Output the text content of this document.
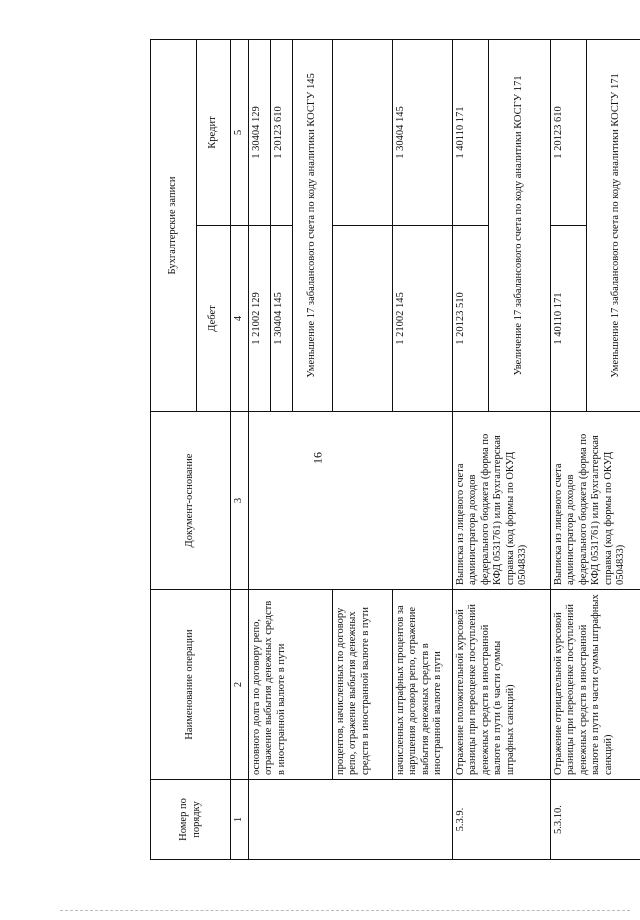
16
Номер по порядку	Наименование операции	Документ-основание	Бухгалтерские записи	
			Дебет	Кредит
1	2	3	4	5
	основного долга по договору репо, отражение выбытия денежных средств в иностранной валюте в пути		1 21002 129	1 30404 129
			1 30404 145	1 20123 610
			Уменьшение 17 забалансового счета по коду аналитики КОСГУ 145	
	процентов, начисленных по договору репо, отражение выбытия денежных средств в иностранной валюте в пути			
	начисленных штрафных процентов за нарушения договора репо, отражение выбытия денежных средств в иностранной валюте в пути		1 21002 145	1 30404 145
5.3.9.	Отражение положительной курсовой разницы при переоценке поступлений денежных средств в иностранной валюте в пути (в части суммы штрафных санкций)	Выписка из лицевого счета администратора доходов федерального бюджета (форма по КФД 0531761) или Бухгалтерская справка (код формы по ОКУД 0504833)	1 20123 510	1 40110 171
			Увеличение 17 забалансового счета по коду аналитики КОСГУ 171	
5.3.10.	Отражение отрицательной курсовой разницы при переоценке поступлений денежных средств в иностранной валюте в пути в части суммы штрафных санкций)	Выписка из лицевого счета администратора доходов федерального бюджета (форма по КФД 0531761) или Бухгалтерская справка (код формы по ОКУД 0504833)	1 40110 171	1 20123 610
			Уменьшение 17 забалансового счета по коду аналитики КОСГУ 171	
